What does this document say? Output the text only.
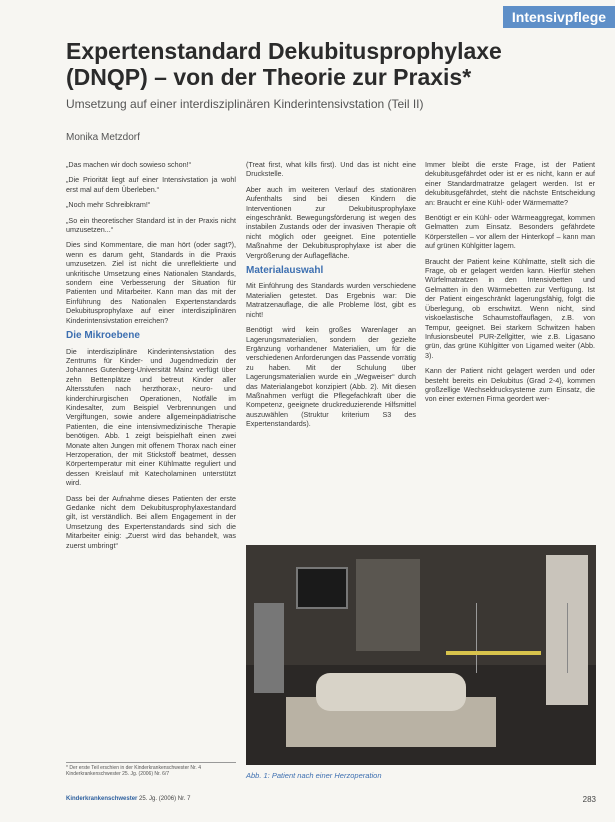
Intensivpflege
Expertenstandard Dekubitusprophylaxe
(DNQP) – von der Theorie zur Praxis*
Umsetzung auf einer interdisziplinären Kinderintensivstation (Teil II)
Monika Metzdorf

„Das machen wir doch sowieso schon!“

„Die Priorität liegt auf einer Intensivstation ja wohl erst mal auf dem Überleben.“

„Noch mehr Schreibkram!“

„So ein theoretischer Standard ist in der Praxis nicht umzusetzen...“

Dies sind Kommentare, die man hört (oder sagt?), wenn es darum geht, Standards in die Praxis umzusetzen. Ziel ist nicht die unreflektierte und unkritische Umsetzung eines Nationalen Standards, sondern eine Verbesserung der Situation für Patienten und Mitarbeiter. Kann man das mit der Einführung des Nationalen Expertenstandards Dekubitusprophylaxe auf einer interdisziplinären Kinderintensivstation erreichen?

Die Mikroebene

Die interdisziplinäre Kinderintensivstation des Zentrums für Kinder- und Jugendmedizin der Johannes Gutenberg-Universität Mainz verfügt über zehn Bettenplätze und betreut Kinder aller Altersstufen nach herzthorax-, neuro- und kinderchirurgischen Operationen, Notfälle im Kindesalter, zum Beispiel Verbrennungen und Vergiftungen, sowie andere allgemeinpädiatrische Patienten, die eine intensivmedizinische Therapie benötigen. Abb. 1 zeigt beispielhaft einen zwei Monate alten Jungen mit offenem Thorax nach einer Herzoperation, der mit Stickstoff beatmet, dessen Körpertemperatur mit einer Kühlmatte reguliert und dessen Kreislauf mit Katecholaminen unterstützt wird.

Dass bei der Aufnahme dieses Patienten der erste Gedanke nicht dem Dekubitusprophylaxestandard gilt, ist verständlich. Bei allem Engagement in der Umsetzung des Expertenstandards sind sich die Mitarbeiter einig: „Zuerst wird das behandelt, was zuerst umbringt“

(Treat first, what kills first). Und das ist nicht eine Druckstelle.

Aber auch im weiteren Verlauf des stationären Aufenthalts sind bei diesen Kindern die Interventionen zur Dekubitusprophylaxe eingeschränkt. Bewegungsförderung ist wegen des instabilen Zustands oder der invasiven Therapie oft nicht möglich oder geeignet. Eine potentielle Maßnahme der Dekubitusprophylaxe ist aber die Vergrößerung der Auflagefläche.

Materialauswahl

Mit Einführung des Standards wurden verschiedene Materialien getestet. Das Ergebnis war: Die Matratzenauflage, die alle Probleme löst, gibt es nicht!

Benötigt wird kein großes Warenlager an Lagerungsmaterialien, sondern der gezielte Ergänzung vorhandener Materialien, um für die verschiedenen Anforderungen das Passende vorrätig zu haben. Mit der Schulung über Lagerungsmaterialien wurde ein „Wegweiser“ durch das Materialangebot konzipiert (Abb. 2). Mit diesen Maßnahmen verfügt die Pflegefachkraft über die Kompetenz, geeignete druckreduzierende Hilfsmittel auszuwählen (Struktur kriterium S3 des Expertenstandards).

Immer bleibt die erste Frage, ist der Patient dekubitusgefährdet oder ist er es nicht, kann er auf einer Standardmatratze gelagert werden. Ist er dekubitusgefährdet, steht die nächste Entscheidung an: Braucht er eine Kühl- oder Wärmematte?

Benötigt er ein Kühl- oder Wärmeaggregat, kommen Gelmatten zum Einsatz. Besonders gefährdete Körperstellen – vor allem der Hinterkopf – kann man auf grünen Kühlgitter lagern.

Braucht der Patient keine Kühlmatte, stellt sich die Frage, ob er gelagert werden kann. Hierfür stehen Würfelmatratzen in den Intensivbetten und Gelmatten in den Wärmebetten zur Verfügung. Ist der Patient eingeschränkt lagerungsfähig, folgt die Überlegung, ob erschwitzt. Wenn nicht, sind viskoelastische Schaumstoffauflagen, z.B. von Tempur, geeignet. Bei starkem Schwitzen haben Infusionsbeutel PUR-Zellgitter, wie z.B. Ligasano grün, das grüne Kühlgitter von Ligamed weiter (Abb. 3).

Kann der Patient nicht gelagert werden und oder besteht bereits ein Dekubitus (Grad 2-4), kommen großzellige Wechseldrucksysteme zum Einsatz, die von einer externen Firma geordert wer-

Abb. 1: Patient nach einer Herzoperation
* Der erste Teil erschien in der Kinderkrankenschwester Nr. 4 Kinderkrankenschwester 25. Jg. (2006) Nr. 6/7
Kinderkrankenschwester 25. Jg. (2006) Nr. 7	283
